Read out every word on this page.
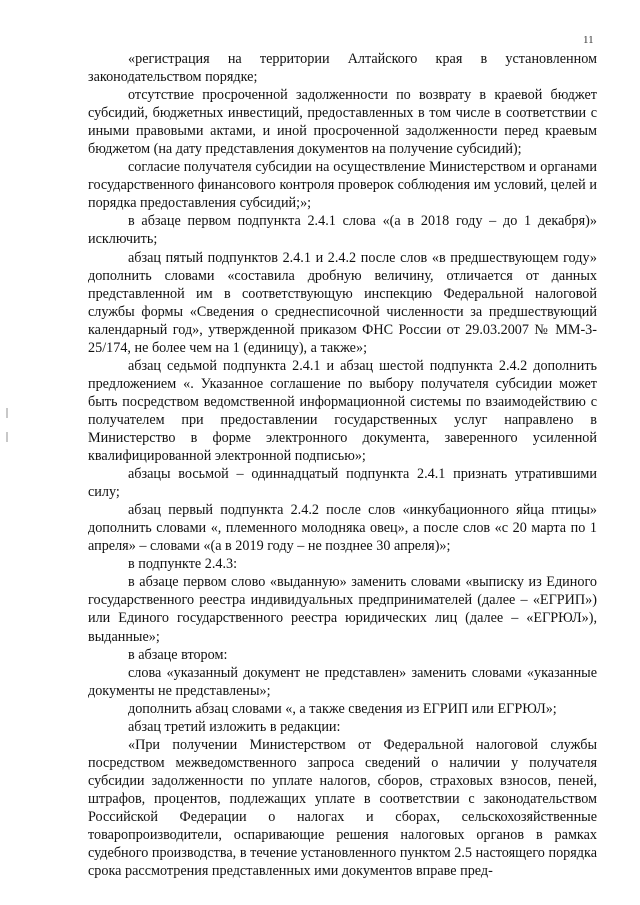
11

«регистрация на территории Алтайского края в установленном законодательством порядке;

отсутствие просроченной задолженности по возврату в краевой бюджет субсидий, бюджетных инвестиций, предоставленных в том числе в соответствии с иными правовыми актами, и иной просроченной задолженности перед краевым бюджетом (на дату представления документов на получение субсидий);

согласие получателя субсидии на осуществление Министерством и органами государственного финансового контроля проверок соблюдения им условий, целей и порядка предоставления субсидий;»;

в абзаце первом подпункта 2.4.1 слова «(а в 2018 году – до 1 декабря)» исключить;

абзац пятый подпунктов 2.4.1 и 2.4.2 после слов «в предшествующем году» дополнить словами «составила дробную величину, отличается от данных представленной им в соответствующую инспекцию Федеральной налоговой службы формы «Сведения о среднесписочной численности за предшествующий календарный год», утвержденной приказом ФНС России от 29.03.2007 № ММ-3-25/174, не более чем на 1 (единицу), а также»;

абзац седьмой подпункта 2.4.1 и абзац шестой подпункта 2.4.2 дополнить предложением «. Указанное соглашение по выбору получателя субсидии может быть посредством ведомственной информационной системы по взаимодействию с получателем при предоставлении государственных услуг направлено в Министерство в форме электронного документа, заверенного усиленной квалифицированной электронной подписью»;

абзацы восьмой – одиннадцатый подпункта 2.4.1 признать утратившими силу;

абзац первый подпункта 2.4.2 после слов «инкубационного яйца птицы» дополнить словами «, племенного молодняка овец», а после слов «с 20 марта по 1 апреля» – словами «(а в 2019 году – не позднее 30 апреля)»;

в подпункте 2.4.3:

в абзаце первом слово «выданную» заменить словами «выписку из Единого государственного реестра индивидуальных предпринимателей (далее – «ЕГРИП») или Единого государственного реестра юридических лиц (далее – «ЕГРЮЛ»), выданные»;

в абзаце втором:

слова «указанный документ не представлен» заменить словами «указанные документы не представлены»;

дополнить абзац словами «, а также сведения из ЕГРИП или ЕГРЮЛ»;

абзац третий изложить в редакции:

«При получении Министерством от Федеральной налоговой службы посредством межведомственного запроса сведений о наличии у получателя субсидии задолженности по уплате налогов, сборов, страховых взносов, пеней, штрафов, процентов, подлежащих уплате в соответствии с законодательством Российской Федерации о налогах и сборах, сельскохозяйственные товаропроизводители, оспаривающие решения налоговых органов в рамках судебного производства, в течение установленного пунктом 2.5 настоящего порядка срока рассмотрения представленных ими документов вправе пред-
